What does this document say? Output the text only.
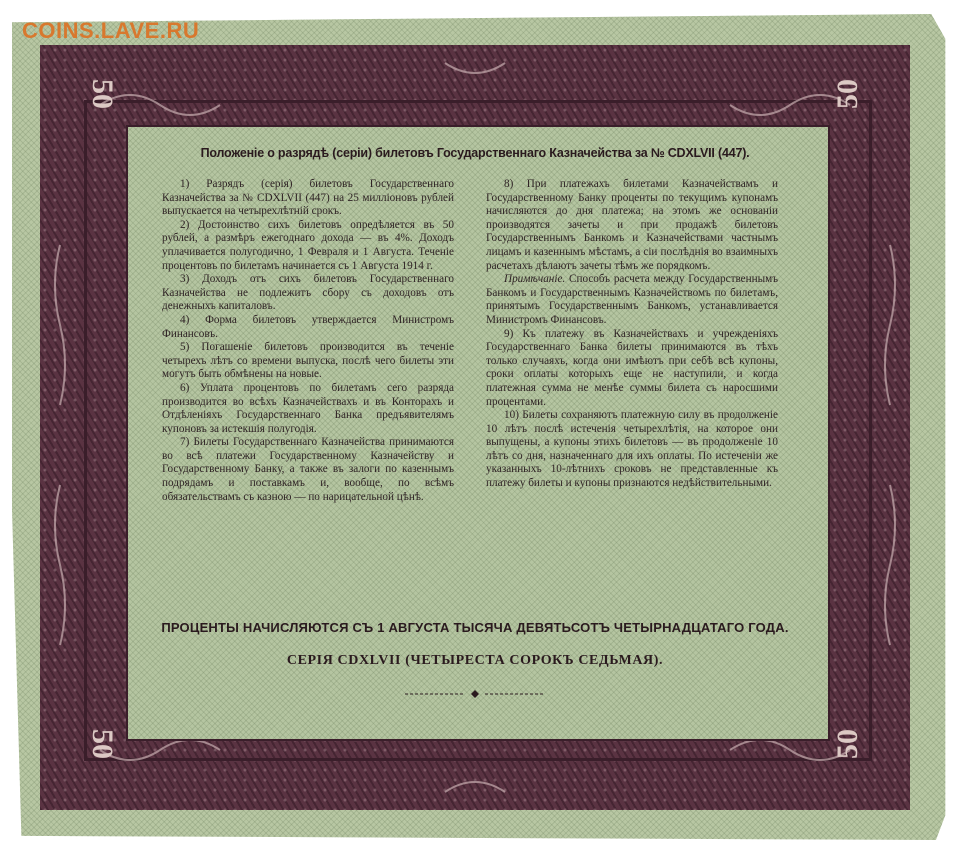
COINS.LAVE.RU
50	50
50	50
Положеніе о разрядѣ (серіи) билетовъ Государственнаго Казначейства за № CDXLVII (447).

1) Разрядъ (серія) билетовъ Государственнаго Казначейства за № CDXLVII (447) на 25 милліоновъ рублей выпускается на четырехлѣтній срокъ.

2) Достоинство сихъ билетовъ опредѣляется въ 50 рублей, а размѣръ ежегоднаго дохода — въ 4%. Доходъ уплачивается полугодично, 1 Февраля и 1 Августа. Теченіе процентовъ по билетамъ начинается съ 1 Августа 1914 г.

3) Доходъ отъ сихъ билетовъ Государственнаго Казначейства не подлежитъ сбору съ доходовъ отъ денежныхъ капиталовъ.

4) Форма билетовъ утверждается Министромъ Финансовъ.

5) Погашеніе билетовъ производится въ теченіе четырехъ лѣтъ со времени выпуска, послѣ чего билеты эти могутъ быть обмѣнены на новые.

6) Уплата процентовъ по билетамъ сего разряда производится во всѣхъ Казначействахъ и въ Конторахъ и Отдѣленіяхъ Государственнаго Банка предъявителямъ купоновъ за истекшія полугодія.

7) Билеты Государственнаго Казначейства принимаются во всѣ платежи Государственному Казначейству и Государственному Банку, а также въ залоги по казеннымъ подрядамъ и поставкамъ и, вообще, по всѣмъ обязательствамъ съ казною — по нарицательной цѣнѣ.

8) При платежахъ билетами Казначействамъ и Государственному Банку проценты по текущимъ купонамъ начисляются до дня платежа; на этомъ же основаніи производятся зачеты и при продажѣ билетовъ Государственнымъ Банкомъ и Казначействами частнымъ лицамъ и казеннымъ мѣстамъ, а сіи послѣднія во взаимныхъ расчетахъ дѣлаютъ зачеты тѣмъ же порядкомъ.

Примѣчаніе. Способъ расчета между Государственнымъ Банкомъ и Государственнымъ Казначействомъ по билетамъ, принятымъ Государственнымъ Банкомъ, устанавливается Министромъ Финансовъ.

9) Къ платежу въ Казначействахъ и учрежденіяхъ Государственнаго Банка билеты принимаются въ тѣхъ только случаяхъ, когда они имѣютъ при себѣ всѣ купоны, сроки оплаты которыхъ еще не наступили, и когда платежная сумма не менѣе суммы билета съ наросшими процентами.

10) Билеты сохраняютъ платежную силу въ продолженіе 10 лѣтъ послѣ истеченія четырехлѣтія, на которое они выпущены, а купоны этихъ билетовъ — въ продолженіе 10 лѣтъ со дня, назначеннаго для ихъ оплаты. По истеченіи же указанныхъ 10-лѣтнихъ сроковъ не представленные къ платежу билеты и купоны признаются недѣйствительными.

ПРОЦЕНТЫ НАЧИСЛЯЮТСЯ СЪ 1 АВГУСТА ТЫСЯЧА ДЕВЯТЬСОТЪ ЧЕТЫРНАДЦАТАГО ГОДА.
СЕРІЯ CDXLVII (ЧЕТЫРЕСТА СОРОКЪ СЕДЬМАЯ).
